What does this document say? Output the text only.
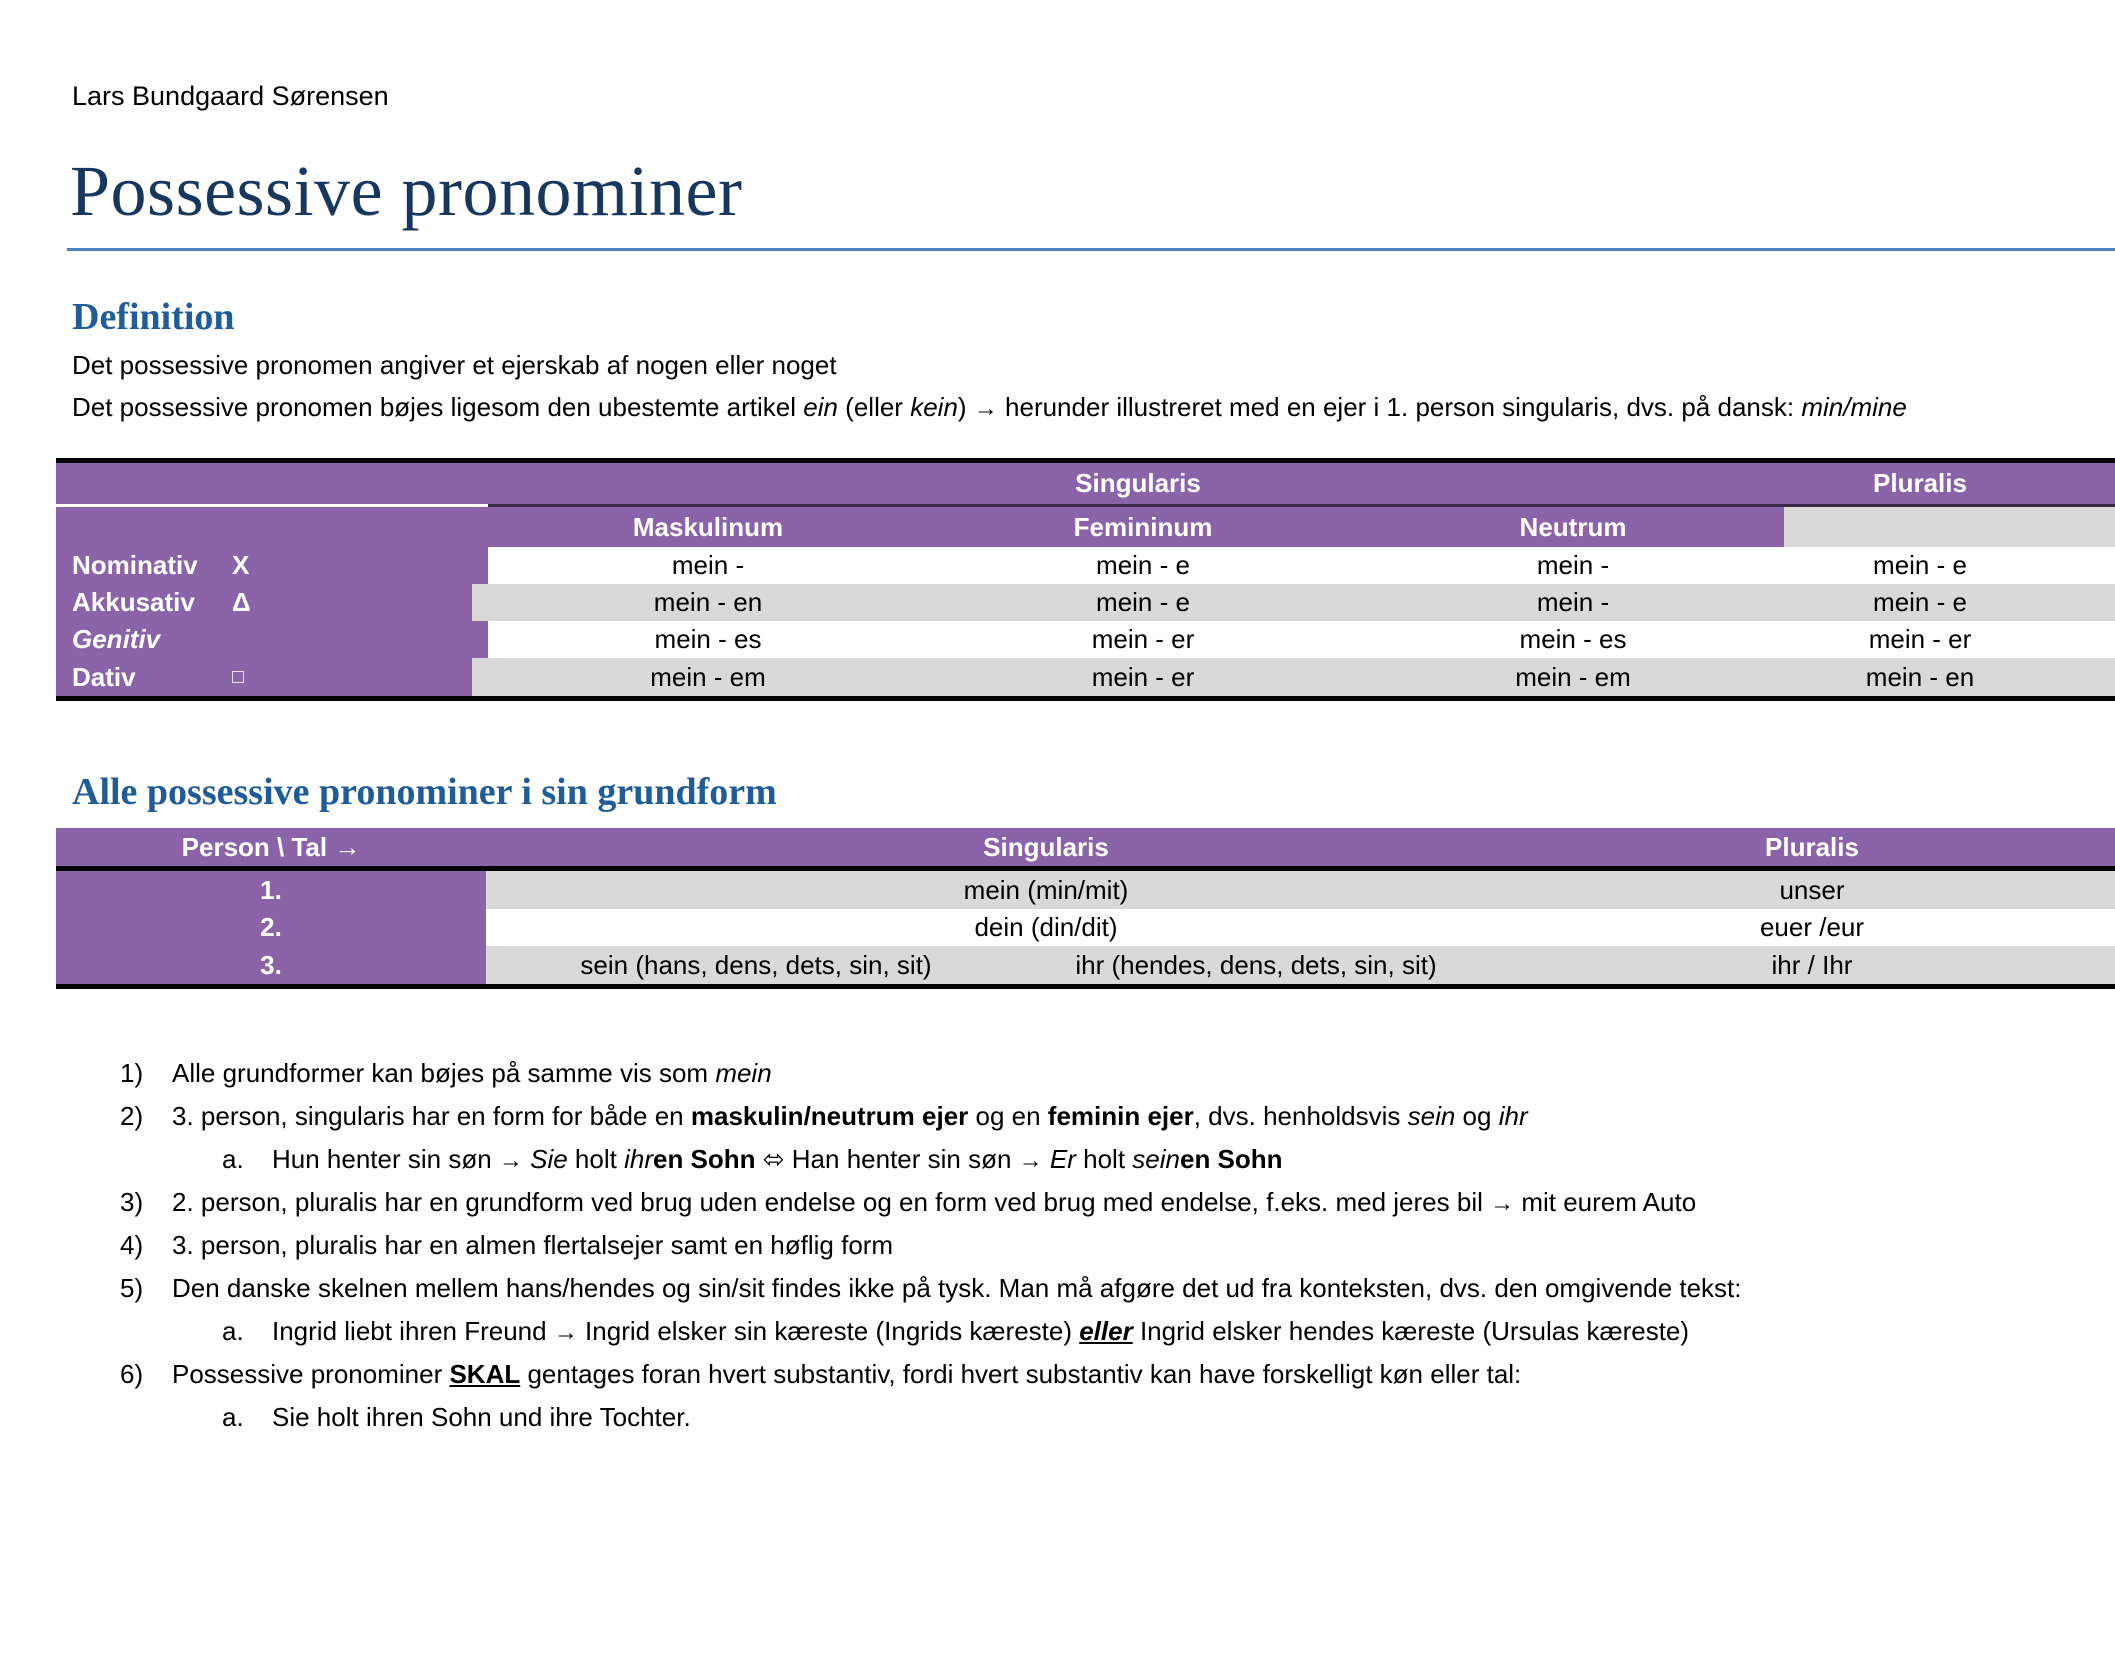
Lars Bundgaard Sørensen
Possessive pronominer
Definition
Det possessive pronomen angiver et ejerskab af nogen eller noget
Det possessive pronomen bøjes ligesom den ubestemte artikel ein (eller kein) → herunder illustreret med en ejer i 1. person singularis, dvs. på dansk: min/mine
Singularis	Pluralis
Maskulinum	Femininum	Neutrum
Nominativ	X	mein -	mein - e	mein -	mein - e
Akkusativ	Δ	mein - en	mein - e	mein -	mein - e
Genitiv	mein - es	mein - er	mein - es	mein - er
Dativ	□	mein - em	mein - er	mein - em	mein - en
Alle possessive pronominer i sin grundform
Person \ Tal
→	Singularis	Pluralis
1.	mein (min/mit)	unser
2.	dein (din/dit)	euer /eur
3.	sein (hans, dens, dets, sin, sit)	ihr (hendes, dens, dets, sin, sit)	ihr / Ihr
1)	Alle grundformer kan bøjes på samme vis som mein
2)	3. person, singularis har en form for både en maskulin/neutrum ejer og en feminin ejer, dvs. henholdsvis sein og ihr
a.	Hun henter sin søn → Sie holt ihren Sohn ⬄ Han henter sin søn → Er holt seinen Sohn
3)	2. person, pluralis har en grundform ved brug uden endelse og en form ved brug med endelse, f.eks. med jeres bil → mit eurem Auto
4)	3. person, pluralis har en almen flertalsejer samt en høflig form
5)	Den danske skelnen mellem hans/hendes og sin/sit findes ikke på tysk. Man må afgøre det ud fra konteksten, dvs. den omgivende tekst:
a.	Ingrid liebt ihren Freund → Ingrid elsker sin kæreste (Ingrids kæreste) eller Ingrid elsker hendes kæreste (Ursulas kæreste)
6)	Possessive pronominer SKAL gentages foran hvert substantiv, fordi hvert substantiv kan have forskelligt køn eller tal:
a.	Sie holt ihren Sohn und ihre Tochter.
